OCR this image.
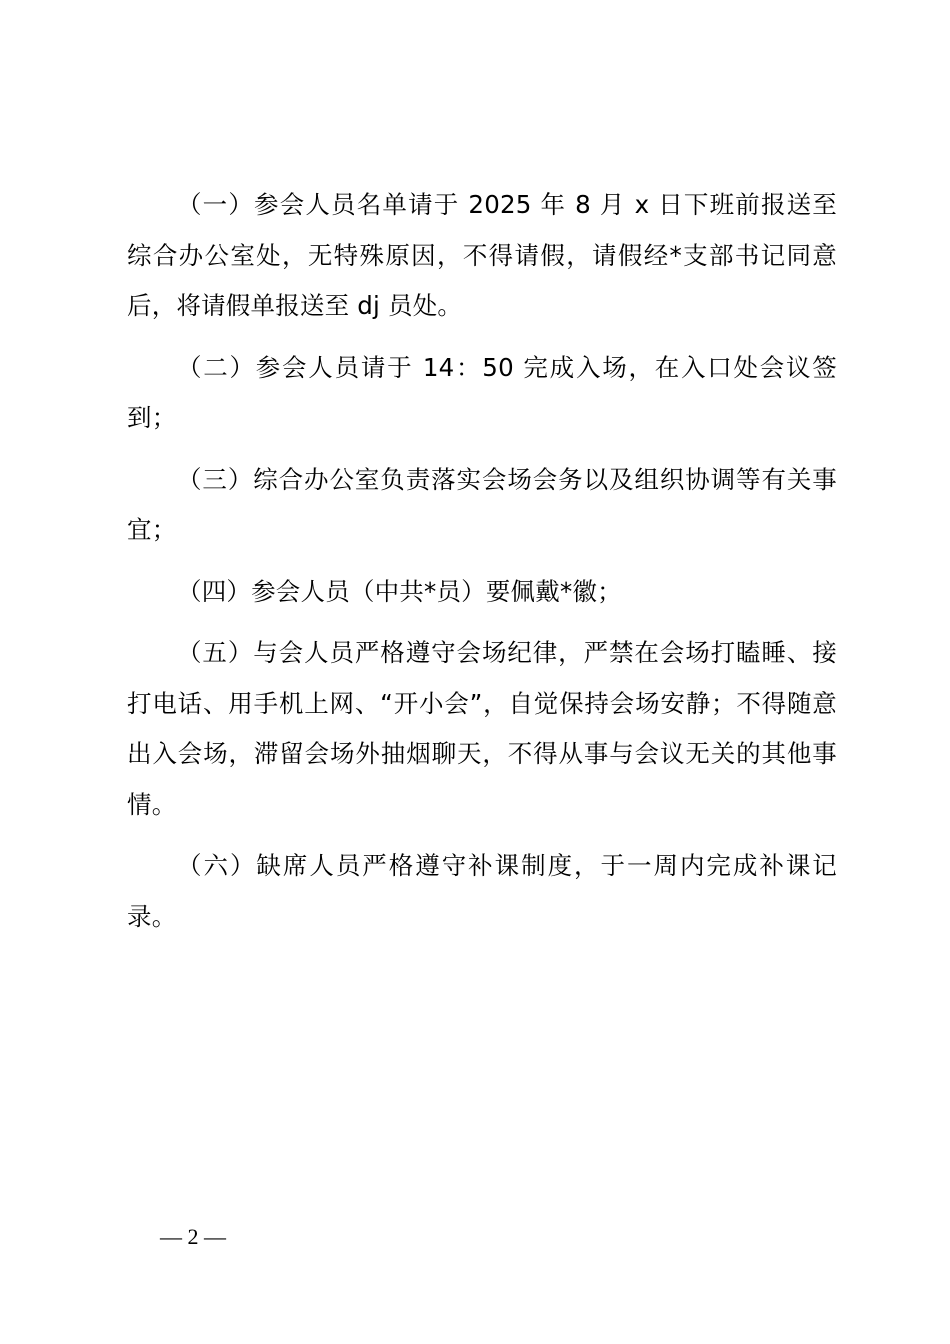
（一）参会人员名单请于 2025 年 8 月 x 日下班前报送至综合办公室处，无特殊原因，不得请假，请假经*支部书记同意后，将请假单报送至 dj 员处。

（二）参会人员请于 14：50 完成入场，在入口处会议签到；

（三）综合办公室负责落实会场会务以及组织协调等有关事宜；

（四）参会人员（中共*员）要佩戴*徽；

（五）与会人员严格遵守会场纪律，严禁在会场打瞌睡、接打电话、用手机上网、“开小会”，自觉保持会场安静；不得随意出入会场，滞留会场外抽烟聊天，不得从事与会议无关的其他事情。

（六）缺席人员严格遵守补课制度，于一周内完成补课记录。

— 2 —
